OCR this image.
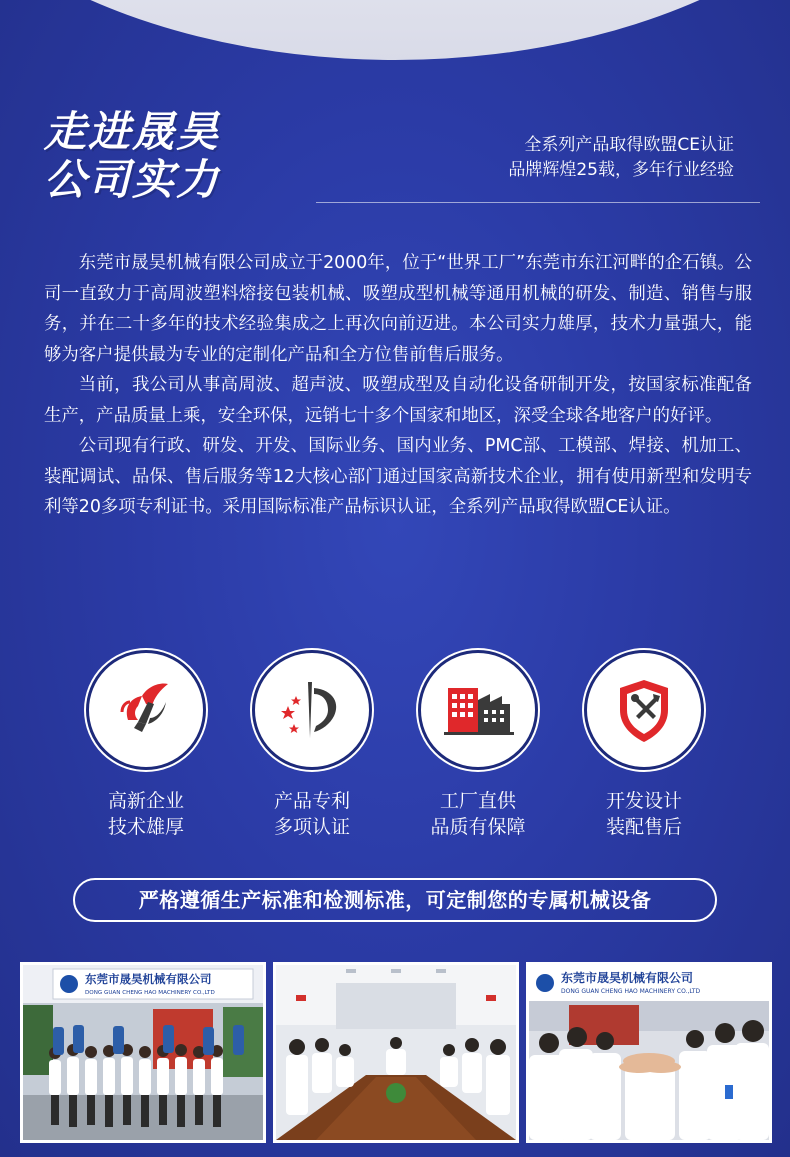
走进晟昊
公司实力
全系列产品取得欧盟CE认证
品牌辉煌25载，多年行业经验

东莞市晟昊机械有限公司成立于2000年，位于“世界工厂”东莞市东江河畔的企石镇。公司一直致力于高周波塑料熔接包装机械、吸塑成型机械等通用机械的研发、制造、销售与服务，并在二十多年的技术经验集成之上再次向前迈进。本公司实力雄厚，技术力量强大，能够为客户提供最为专业的定制化产品和全方位售前售后服务。

当前，我公司从事高周波、超声波、吸塑成型及自动化设备研制开发，按国家标准配备生产，产品质量上乘，安全环保，远销七十多个国家和地区，深受全球各地客户的好评。

公司现有行政、研发、开发、国际业务、国内业务、PMC部、工模部、焊接、机加工、装配调试、品保、售后服务等12大核心部门通过国家高新技术企业，拥有使用新型和发明专利等20多项专利证书。采用国际标准产品标识认证，全系列产品取得欧盟CE认证。

高新企业
技术雄厚
产品专利
多项认证
工厂直供
品质有保障
开发设计
装配售后
严格遵循生产标准和检测标准，可定制您的专属机械设备
东莞市晟昊机械有限公司
DONG GUAN CHENG HAO MACHINERY CO.,LTD
东莞市晟昊机械有限公司
DONG GUAN CHENG HAO MACHINERY CO.,LTD
